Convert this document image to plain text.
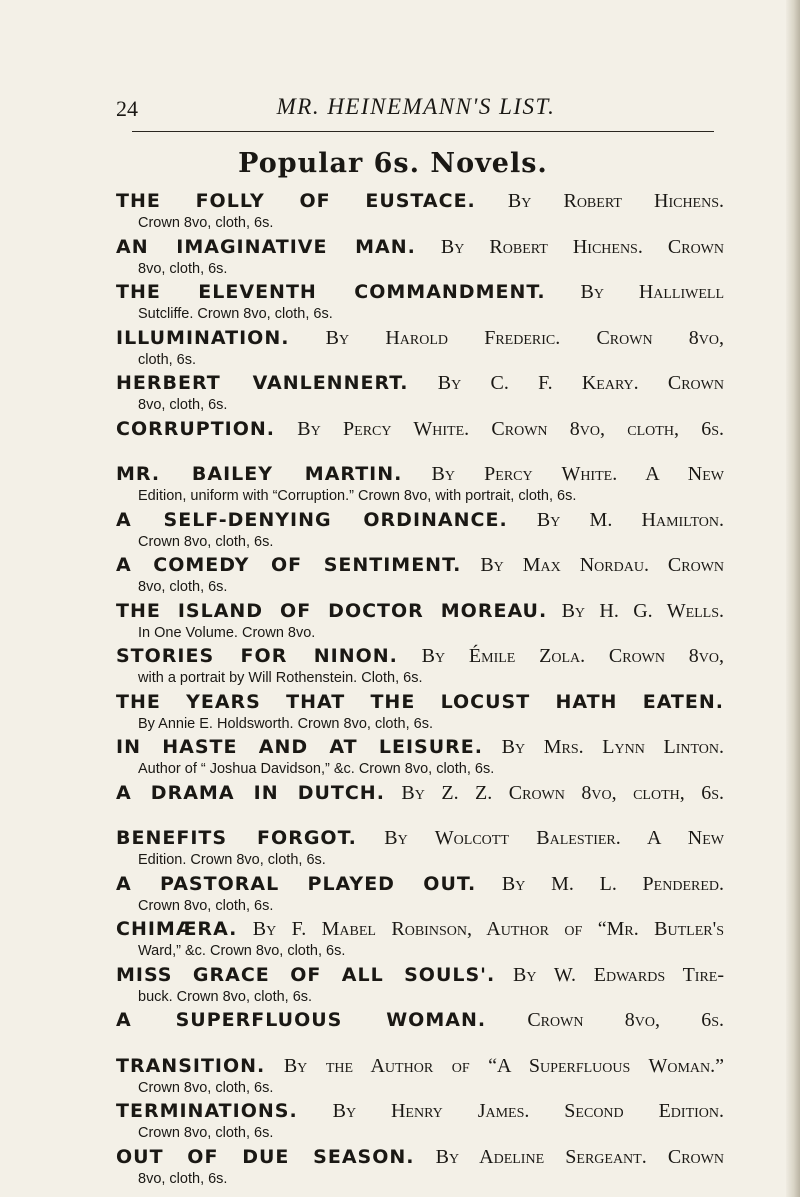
24	MR. HEINEMANN'S LIST.
Popular 6s. Novels.
THE FOLLY OF EUSTACE. By Robert Hichens.
Crown 8vo, cloth, 6s.
AN IMAGINATIVE MAN. By Robert Hichens. Crown
8vo, cloth, 6s.
THE ELEVENTH COMMANDMENT. By Halliwell
Sutcliffe. Crown 8vo, cloth, 6s.
ILLUMINATION. By Harold Frederic. Crown 8vo,
cloth, 6s.
HERBERT VANLENNERT. By C. F. Keary. Crown
8vo, cloth, 6s.
CORRUPTION. By Percy White. Crown 8vo, cloth, 6s.
MR. BAILEY MARTIN. By Percy White. A New
Edition, uniform with “Corruption.” Crown 8vo, with portrait, cloth, 6s.
A SELF-DENYING ORDINANCE. By M. Hamilton.
Crown 8vo, cloth, 6s.
A COMEDY OF SENTIMENT. By Max Nordau. Crown
8vo, cloth, 6s.
THE ISLAND OF DOCTOR MOREAU. By H. G. Wells.
In One Volume. Crown 8vo.
STORIES FOR NINON. By Émile Zola. Crown 8vo,
with a portrait by Will Rothenstein. Cloth, 6s.
THE YEARS THAT THE LOCUST HATH EATEN.
By Annie E. Holdsworth. Crown 8vo, cloth, 6s.
IN HASTE AND AT LEISURE. By Mrs. Lynn Linton.
Author of “ Joshua Davidson,” &c. Crown 8vo, cloth, 6s.
A DRAMA IN DUTCH. By Z. Z. Crown 8vo, cloth, 6s.
BENEFITS FORGOT. By Wolcott Balestier. A New
Edition. Crown 8vo, cloth, 6s.
A PASTORAL PLAYED OUT. By M. L. Pendered.
Crown 8vo, cloth, 6s.
CHIMÆRA. By F. Mabel Robinson, Author of “Mr. Butler's
Ward,” &c. Crown 8vo, cloth, 6s.
MISS GRACE OF ALL SOULS'. By W. Edwards Tire-
buck. Crown 8vo, cloth, 6s.
A SUPERFLUOUS WOMAN. Crown 8vo, 6s.
TRANSITION. By the Author of “A Superfluous Woman.”
Crown 8vo, cloth, 6s.
TERMINATIONS. By Henry James. Second Edition.
Crown 8vo, cloth, 6s.
OUT OF DUE SEASON. By Adeline Sergeant. Crown
8vo, cloth, 6s.
